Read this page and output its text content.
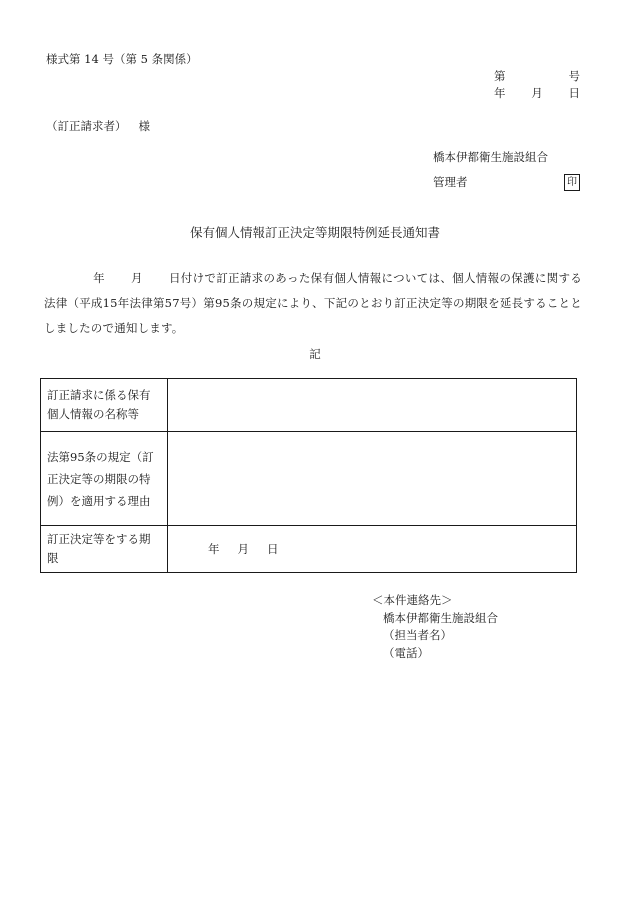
様式第 14 号（第 5 条関係）
第	号
年 月 日
（訂正請求者） 様
橋本伊都衛生施設組合
管理者	印
保有個人情報訂正決定等期限特例延長通知書
年 月 日付けで訂正請求のあった保有個人情報については、個人情報の保護に関する法律（平成15年法律第57号）第95条の規定により、下記のとおり訂正決定等の期限を延長することとしましたので通知します。
記
訂正請求に係る保有個人情報の名称等	
法第95条の規定（訂正決定等の期限の特例）を適用する理由	
訂正決定等をする期限	年 月 日
＜本件連絡先＞
橋本伊都衛生施設組合
（担当者名）
（電話）
